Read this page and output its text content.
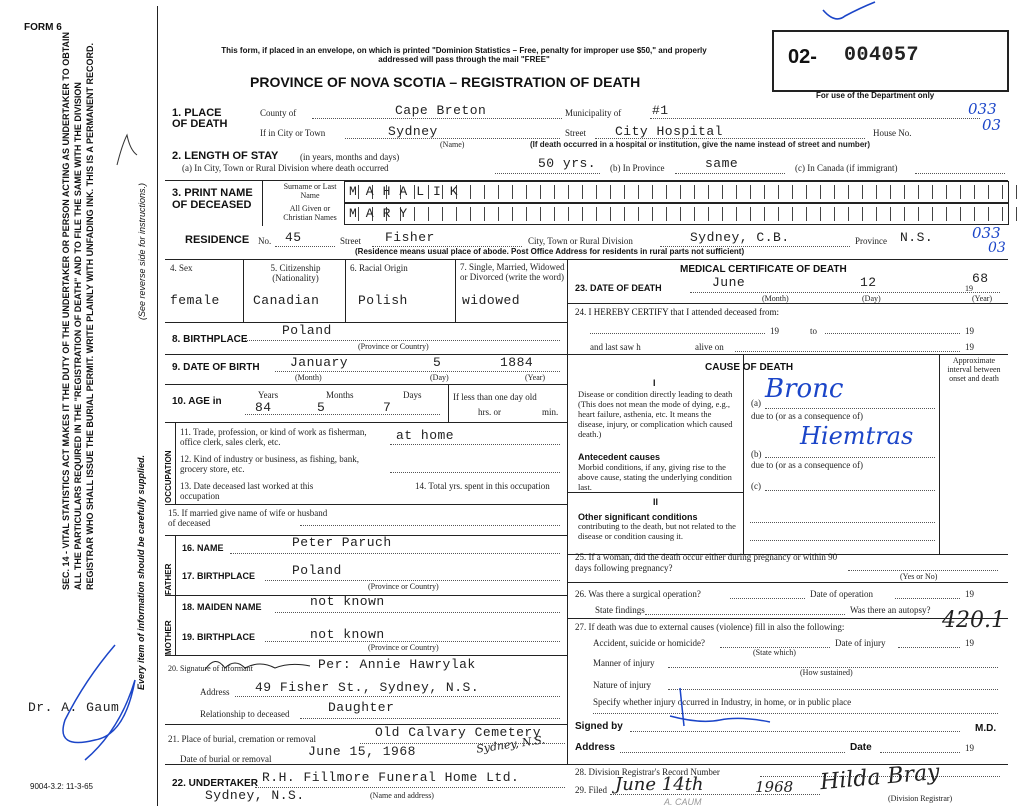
FORM 6
This form, if placed in an envelope, on which is printed "Dominion Statistics – Free, penalty for improper use $50," and properly addressed will pass through the mail "FREE"
PROVINCE OF NOVA SCOTIA – REGISTRATION OF DEATH
02- 004057
For use of the Department only
033
03
SEC. 14 - VITAL STATISTICS ACT MAKES IT THE DUTY OF THE UNDERTAKER OR PERSON ACTING AS UNDERTAKER TO OBTAIN ALL THE PARTICULARS REQUIRED IN THE "REGISTRATION OF DEATH" AND TO FILE THE SAME WITH THE DIVISION REGISTRAR WHO SHALL ISSUE THE BURIAL PERMIT. WRITE PLAINLY WITH UNFADING INK. THIS IS A PERMANENT RECORD.	Every item of information should be carefully supplied.
(See reverse side for instructions.)
Dr. A. Gaum
9004-3.2: 11-3-65
1. PLACE OF DEATH
County of	Cape Breton	Municipality of #1
If in City or Town	Sydney
(Name)
Street City Hospital	House No.
(If death occurred in a hospital or institution, give the name instead of street and number)
2. LENGTH OF STAY (in years, months and days)
(a) In City, Town or Rural Division where death occurred	50 yrs. (b) In Province	same	(c) In Canada (if immigrant)
3. PRINT NAME OF DECEASED
Surname or Last Name
All Given or Christian Names
MAHALIK
MARY
RESIDENCE No. 45	Street Fisher	City, Town or Rural Division	Sydney, C.B.	Province N.S.	033
03
(Residence means usual place of abode. Post Office Address for residents in rural parts not sufficient)
4. Sex
female
5. Citizenship (Nationality)
Canadian
6. Racial Origin
Polish
7. Single, Married, Widowed or Divorced (write the word)
widowed
8. BIRTHPLACE
Poland
(Province or Country)
9. DATE OF BIRTH January	5	1884
(Month)	(Day)	(Year)
10. AGE in
Years	Months	Days
84	5	7
If less than one day old
hrs. or	min.
OCCUPATION
11. Trade, profession, or kind of work as fisherman, office clerk, sales clerk, etc.	at home
12. Kind of industry or business, as fishing, bank, grocery store, etc.
13. Date deceased last worked at this occupation
14. Total yrs. spent in this occupation
15. If married give name of wife or husband of deceased
FATHER
16. NAME	Peter Paruch
17. BIRTHPLACE	Poland
(Province or Country)
MOTHER
18. MAIDEN NAME	not known
19. BIRTHPLACE	not known
(Province or Country)
20. Signature of informant	Per: Annie Hawrylak
Address 49 Fisher St., Sydney, N.S.
Relationship to deceased	Daughter
21. Place of burial, cremation or removal	Old Calvary Cemetery
Sydney, N.S.
Date of burial or removal	June 15, 1968
22. UNDERTAKER R.H. Fillmore Funeral Home Ltd.
Sydney, N.S.	(Name and address)
MEDICAL CERTIFICATE OF DEATH
23. DATE OF DEATH	June	12	19
68
(Month)	(Day)	(Year)
24. I HEREBY CERTIFY that I attended deceased from:
19	to	19
and last saw h	alive on	19
CAUSE OF DEATH
Approximate interval between onset and death
I
Disease or condition directly leading to death (This does not mean the mode of dying, e.g., heart failure, asthenia, etc. It means the disease, injury, or complication which caused death.)
(a) Bronc
due to (or as a consequence of)
Hiemtras
(b)
due to (or as a consequence of)
(c)
Antecedent causes
Morbid conditions, if any, giving rise to the above cause, stating the underlying condition last.
II
Other significant conditions
contributing to the death, but not related to the disease or condition causing it.
25. If a woman, did the death occur either during pregnancy or within 90 days following pregnancy?
(Yes or No)
26. Was there a surgical operation?	Date of operation	19
State findings	Was there an autopsy?
27. If death was due to external causes (violence) fill in also the following:	420.1
Accident, suicide or homicide?
(State which)
Date of injury	19
Manner of injury
(How sustained)
Nature of injury
Specify whether injury occurred in Industry, in home, or in public place
Signed by	M.D.
Address	Date	19
28. Division Registrar's Record Number
29. Filed June 14th	1968 Hilda Bray
(Division Registrar)
A. CAUM
